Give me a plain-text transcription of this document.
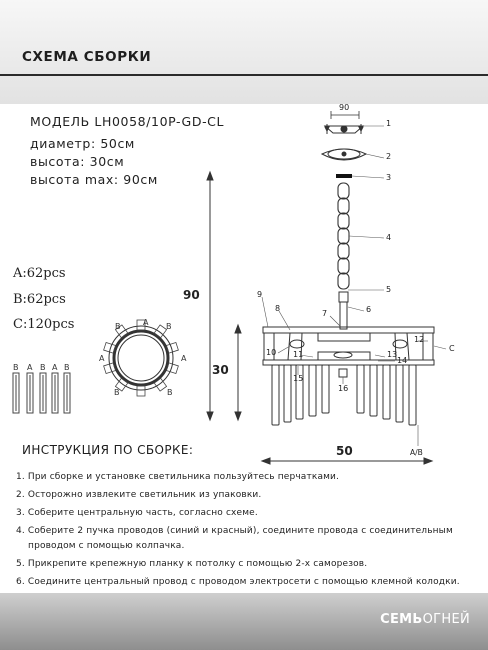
СХЕМА СБОРКИ
МОДЕЛЬ LH0058/10P-GD-CL
диаметр: 50см
высота: 30см
высота max: 90см
A:62pcs
B:62pcs
C:120pcs
B A B A B
B	A B
A	A
B	B
1
2
3
4
5
6
7
8
9
10 11
12
13
14
15
16
C
A/B
90
90
30
50
ИНСТРУКЦИЯ ПО СБОРКЕ:
1. При сборке и установке светильника пользуйтесь перчатками.
2. Осторожно извлеките светильник из упаковки.
3. Соберите центральную часть, согласно схеме.
4. Соберите 2 пучка проводов (синий и красный), соедините провода с соединительным
проводом с помощью колпачка.
5. Прикрепите крепежную планку к потолку с помощью 2-х саморезов.
6. Соедините центральный провод с проводом электросети с помощью клемной колодки.
СЕМЬОГНЕЙ
